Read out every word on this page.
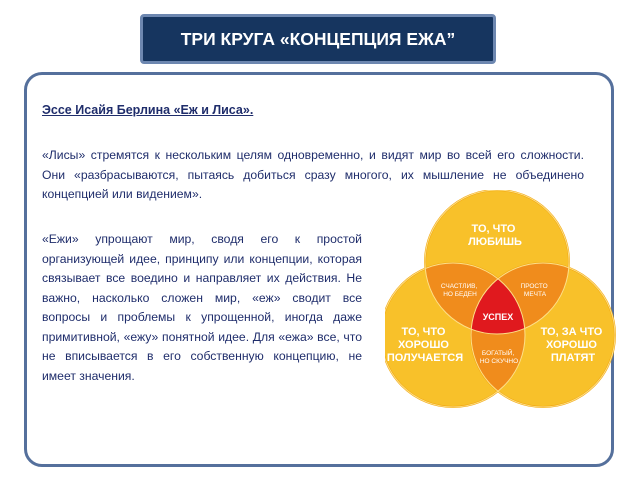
ТРИ КРУГА «КОНЦЕПЦИЯ ЕЖА”
Эссе Исайя Берлина «Еж и Лиса».
«Лисы» стремятся к нескольким целям одновременно, и видят мир во всей его сложности. Они «разбрасываются, пытаясь добиться сразу многого, их мышление не объединено концепцией или видением».
«Ежи» упрощают мир, сводя его к простой организующей идее, принципу или концепции, которая связывает все воедино и направляет их действия. Не важно, насколько сложен мир, «еж» сводит все вопросы и проблемы к упрощенной, иногда даже примитивной, «ежу» понятной идее. Для «ежа» все, что не вписывается в его собственную концепцию, не имеет значения.
ТО, ЧТО ЛЮБИШЬ
ТО, ЧТО ХОРОШО ПОЛУЧАЕТСЯ
ТО, ЗА ЧТО ХОРОШО ПЛАТЯТ
СЧАСТЛИВ, НО БЕДЕН
ПРОСТО МЕЧТА
БОГАТЫЙ, НО СКУЧНО
УСПЕХ
